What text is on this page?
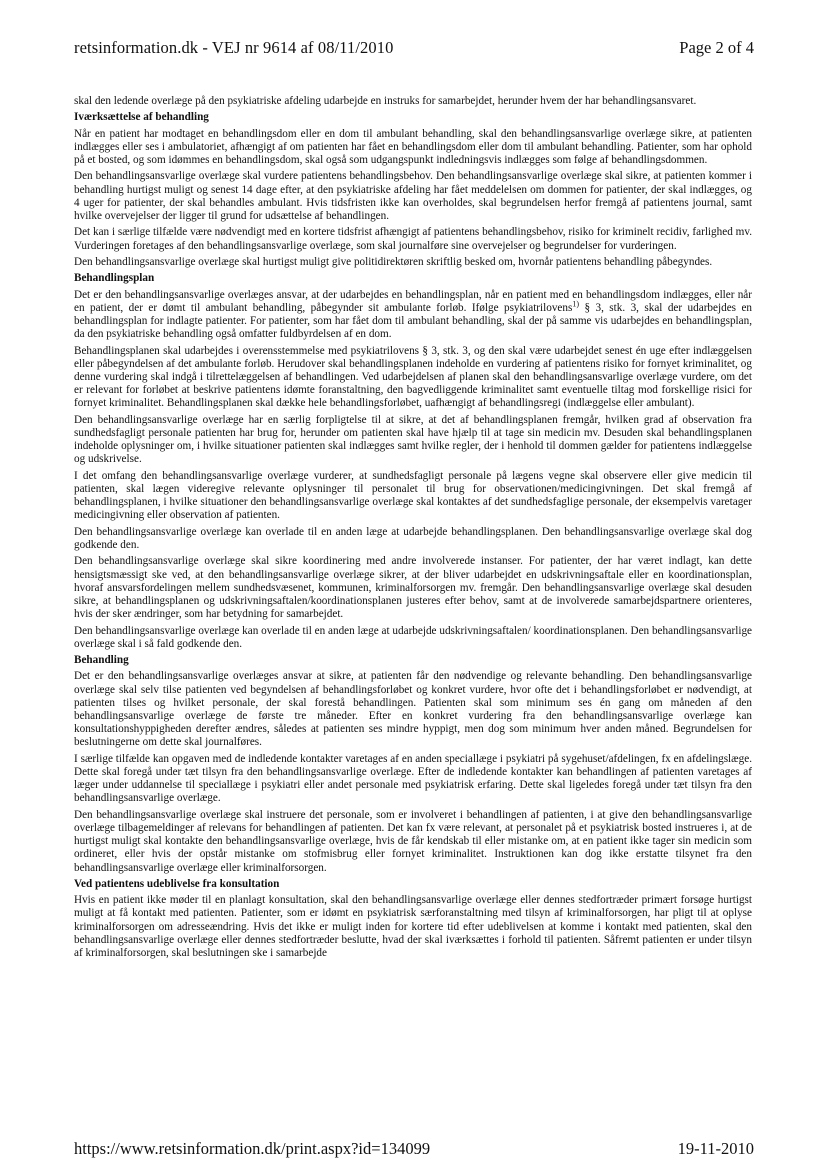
retsinformation.dk - VEJ nr 9614 af 08/11/2010	Page 2 of 4

skal den ledende overlæge på den psykiatriske afdeling udarbejde en instruks for samarbejdet, herunder hvem der har behandlingsansvaret.

Iværksættelse af behandling

Når en patient har modtaget en behandlingsdom eller en dom til ambulant behandling, skal den behandlingsansvarlige overlæge sikre, at patienten indlægges eller ses i ambulatoriet, afhængigt af om patienten har fået en behandlingsdom eller dom til ambulant behandling. Patienter, som har ophold på et bosted, og som idømmes en behandlingsdom, skal også som udgangspunkt indledningsvis indlægges som følge af behandlingsdommen.

Den behandlingsansvarlige overlæge skal vurdere patientens behandlingsbehov. Den behandlingsansvarlige overlæge skal sikre, at patienten kommer i behandling hurtigst muligt og senest 14 dage efter, at den psykiatriske afdeling har fået meddelelsen om dommen for patienter, der skal indlægges, og 4 uger for patienter, der skal behandles ambulant. Hvis tidsfristen ikke kan overholdes, skal begrundelsen herfor fremgå af patientens journal, samt hvilke overvejelser der ligger til grund for udsættelse af behandlingen.

Det kan i særlige tilfælde være nødvendigt med en kortere tidsfrist afhængigt af patientens behandlingsbehov, risiko for kriminelt recidiv, farlighed mv. Vurderingen foretages af den behandlingsansvarlige overlæge, som skal journalføre sine overvejelser og begrundelser for vurderingen.

Den behandlingsansvarlige overlæge skal hurtigst muligt give politidirektøren skriftlig besked om, hvornår patientens behandling påbegyndes.

Behandlingsplan

Det er den behandlingsansvarlige overlæges ansvar, at der udarbejdes en behandlingsplan, når en patient med en behandlingsdom indlægges, eller når en patient, der er dømt til ambulant behandling, påbegynder sit ambulante forløb. Ifølge psykiatrilovens$^{1)}$ § 3, stk. 3, skal der udarbejdes en behandlingsplan for indlagte patienter. For patienter, som har fået dom til ambulant behandling, skal der på samme vis udarbejdes en behandlingsplan, da den psykiatriske behandling også omfatter fuldbyrdelsen af en dom.

Behandlingsplanen skal udarbejdes i overensstemmelse med psykiatrilovens § 3, stk. 3, og den skal være udarbejdet senest én uge efter indlæggelsen eller påbegyndelsen af det ambulante forløb. Herudover skal behandlingsplanen indeholde en vurdering af patientens risiko for fornyet kriminalitet, og denne vurdering skal indgå i tilrettelæggelsen af behandlingen. Ved udarbejdelsen af planen skal den behandlingsansvarlige overlæge vurdere, om det er relevant for forløbet at beskrive patientens idømte foranstaltning, den bagvedliggende kriminalitet samt eventuelle tiltag mod forskellige risici for fornyet kriminalitet. Behandlingsplanen skal dække hele behandlingsforløbet, uafhængigt af behandlingsregi (indlæggelse eller ambulant).

Den behandlingsansvarlige overlæge har en særlig forpligtelse til at sikre, at det af behandlingsplanen fremgår, hvilken grad af observation fra sundhedsfagligt personale patienten har brug for, herunder om patienten skal have hjælp til at tage sin medicin mv. Desuden skal behandlingsplanen indeholde oplysninger om, i hvilke situationer patienten skal indlægges samt hvilke regler, der i henhold til dommen gælder for patientens indlæggelse og udskrivelse.

I det omfang den behandlingsansvarlige overlæge vurderer, at sundhedsfagligt personale på lægens vegne skal observere eller give medicin til patienten, skal lægen videregive relevante oplysninger til personalet til brug for observationen/medicingivningen. Det skal fremgå af behandlingsplanen, i hvilke situationer den behandlingsansvarlige overlæge skal kontaktes af det sundhedsfaglige personale, der eksempelvis varetager medicingivning eller observation af patienten.

Den behandlingsansvarlige overlæge kan overlade til en anden læge at udarbejde behandlingsplanen. Den behandlingsansvarlige overlæge skal dog godkende den.

Den behandlingsansvarlige overlæge skal sikre koordinering med andre involverede instanser. For patienter, der har været indlagt, kan dette hensigtsmæssigt ske ved, at den behandlingsansvarlige overlæge sikrer, at der bliver udarbejdet en udskrivningsaftale eller en koordinationsplan, hvoraf ansvarsfordelingen mellem sundhedsvæsenet, kommunen, kriminalforsorgen mv. fremgår. Den behandlingsansvarlige overlæge skal desuden sikre, at behandlingsplanen og udskrivningsaftalen/koordinationsplanen justeres efter behov, samt at de involverede samarbejdspartnere orienteres, hvis der sker ændringer, som har betydning for samarbejdet.

Den behandlingsansvarlige overlæge kan overlade til en anden læge at udarbejde udskrivningsaftalen/ koordinationsplanen. Den behandlingsansvarlige overlæge skal i så fald godkende den.

Behandling

Det er den behandlingsansvarlige overlæges ansvar at sikre, at patienten får den nødvendige og relevante behandling. Den behandlingsansvarlige overlæge skal selv tilse patienten ved begyndelsen af behandlingsforløbet og konkret vurdere, hvor ofte det i behandlingsforløbet er nødvendigt, at patienten tilses og hvilket personale, der skal forestå behandlingen. Patienten skal som minimum ses én gang om måneden af den behandlingsansvarlige overlæge de første tre måneder. Efter en konkret vurdering fra den behandlingsansvarlige overlæge kan konsultationshyppigheden derefter ændres, således at patienten ses mindre hyppigt, men dog som minimum hver anden måned. Begrundelsen for beslutningerne om dette skal journalføres.

I særlige tilfælde kan opgaven med de indledende kontakter varetages af en anden speciallæge i psykiatri på sygehuset/afdelingen, fx en afdelingslæge. Dette skal foregå under tæt tilsyn fra den behandlingsansvarlige overlæge. Efter de indledende kontakter kan behandlingen af patienten varetages af læger under uddannelse til speciallæge i psykiatri eller andet personale med psykiatrisk erfaring. Dette skal ligeledes foregå under tæt tilsyn fra den behandlingsansvarlige overlæge.

Den behandlingsansvarlige overlæge skal instruere det personale, som er involveret i behandlingen af patienten, i at give den behandlingsansvarlige overlæge tilbagemeldinger af relevans for behandlingen af patienten. Det kan fx være relevant, at personalet på et psykiatrisk bosted instrueres i, at de hurtigst muligt skal kontakte den behandlingsansvarlige overlæge, hvis de får kendskab til eller mistanke om, at en patient ikke tager sin medicin som ordineret, eller hvis der opstår mistanke om stofmisbrug eller fornyet kriminalitet. Instruktionen kan dog ikke erstatte tilsynet fra den behandlingsansvarlige overlæge eller kriminalforsorgen.

Ved patientens udeblivelse fra konsultation

Hvis en patient ikke møder til en planlagt konsultation, skal den behandlingsansvarlige overlæge eller dennes stedfortræder primært forsøge hurtigst muligt at få kontakt med patienten. Patienter, som er idømt en psykiatrisk særforanstaltning med tilsyn af kriminalforsorgen, har pligt til at oplyse kriminalforsorgen om adresseændring. Hvis det ikke er muligt inden for kortere tid efter udeblivelsen at komme i kontakt med patienten, skal den behandlingsansvarlige overlæge eller dennes stedfortræder beslutte, hvad der skal iværksættes i forhold til patienten. Såfremt patienten er under tilsyn af kriminalforsorgen, skal beslutningen ske i samarbejde

https://www.retsinformation.dk/print.aspx?id=134099	19-11-2010
